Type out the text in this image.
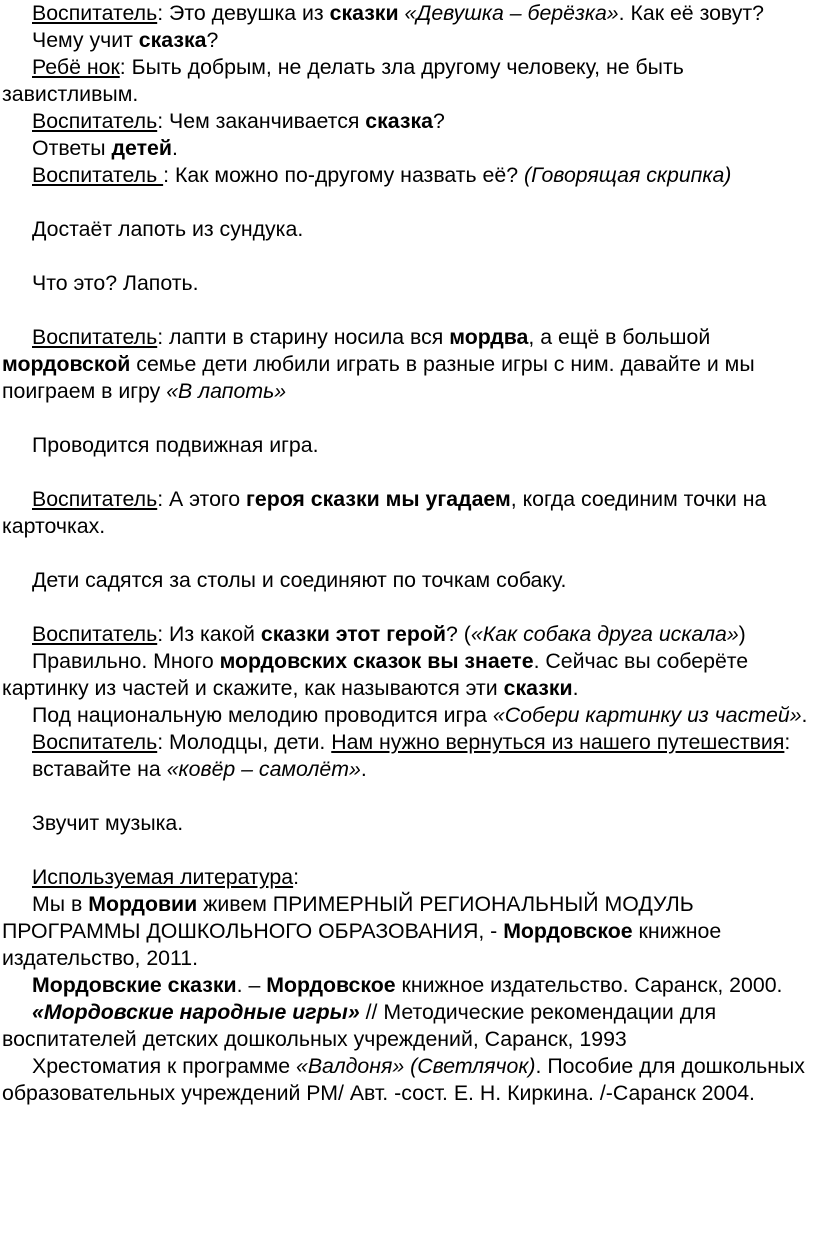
Воспитатель: Это девушка из сказки «Девушка – берёзка». Как её зовут?

Чему учит сказка?

Ребё нок: Быть добрым, не делать зла другому человеку, не быть завистливым.

Воспитатель: Чем заканчивается сказка?

Ответы детей.

Воспитатель : Как можно по-другому назвать её? (Говорящая скрипка)

Достаёт лапоть из сундука.

Что это? Лапоть.

Воспитатель: лапти в старину носила вся мордва, а ещё в большой мордовской семье дети любили играть в разные игры с ним. давайте и мы поиграем в игру «В лапоть»

Проводится подвижная игра.

Воспитатель: А этого героя сказки мы угадаем, когда соединим точки на карточках.

Дети садятся за столы и соединяют по точкам собаку.

Воспитатель: Из какой сказки этот герой? («Как собака друга искала»)

Правильно. Много мордовских сказок вы знаете. Сейчас вы соберёте картинку из частей и скажите, как называются эти сказки.

Под национальную мелодию проводится игра «Собери картинку из частей».

Воспитатель: Молодцы, дети. Нам нужно вернуться из нашего путешествия:

вставайте на «ковёр – самолёт».

Звучит музыка.

Используемая литература:

Мы в Мордовии живем ПРИМЕРНЫЙ РЕГИОНАЛЬНЫЙ МОДУЛЬ ПРОГРАММЫ ДОШКОЛЬНОГО ОБРАЗОВАНИЯ, - Мордовское книжное издательство, 2011.

Мордовские сказки. – Мордовское книжное издательство. Саранск, 2000.

«Мордовские народные игры» // Методические рекомендации для воспитателей детских дошкольных учреждений, Саранск, 1993

Хрестоматия к программе «Валдоня» (Светлячок). Пособие для дошкольных образовательных учреждений РМ/ Авт. -сост. Е. Н. Киркина. /-Саранск 2004.
